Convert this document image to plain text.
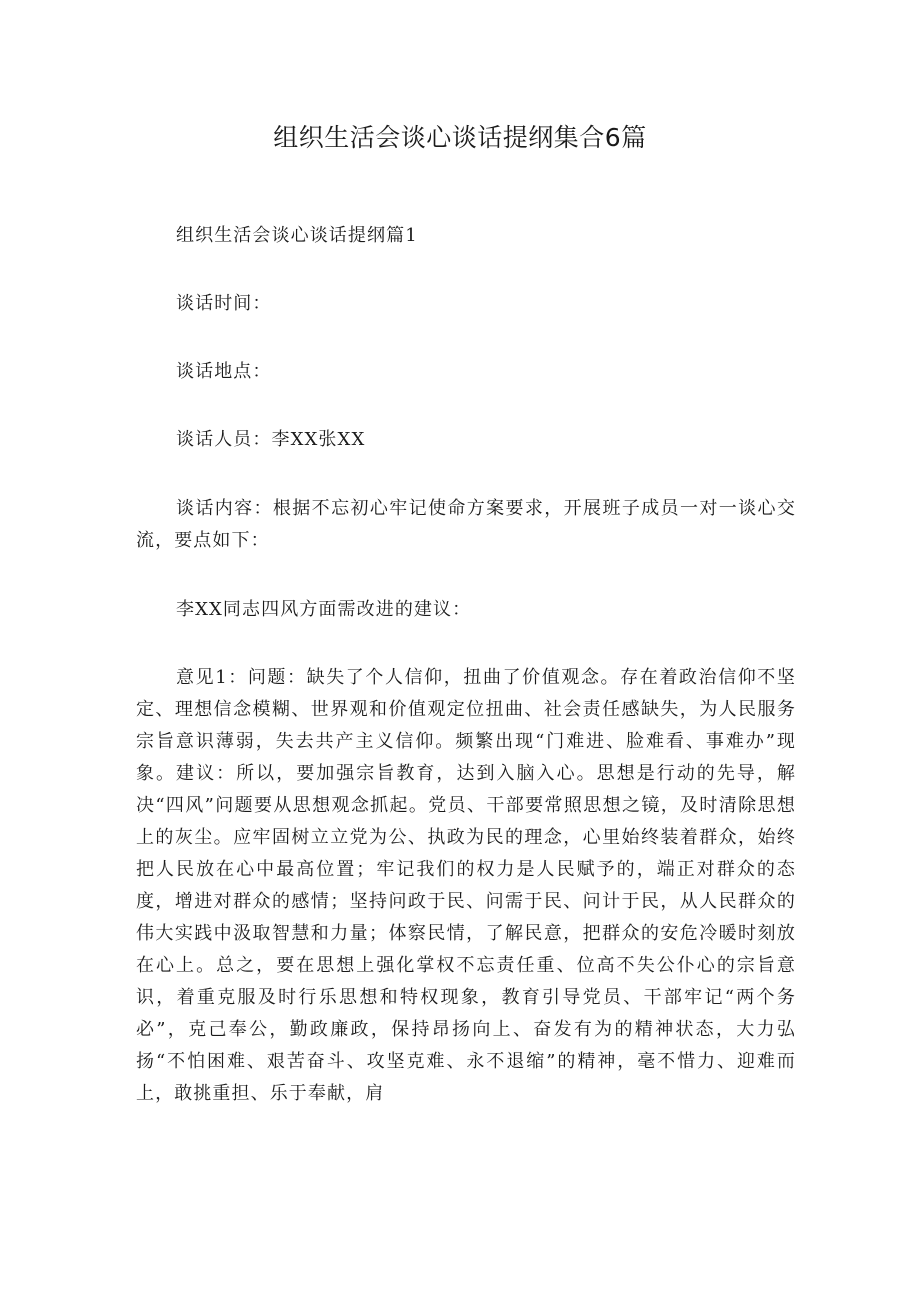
组织生活会谈心谈话提纲集合6篇

组织生活会谈心谈话提纲篇1

谈话时间：

谈话地点：

谈话人员：李XX张XX

谈话内容：根据不忘初心牢记使命方案要求，开展班子成员一对一谈心交流，要点如下：

李XX同志四风方面需改进的建议：

意见1：问题：缺失了个人信仰，扭曲了价值观念。存在着政治信仰不坚定、理想信念模糊、世界观和价值观定位扭曲、社会责任感缺失，为人民服务宗旨意识薄弱，失去共产主义信仰。频繁出现“门难进、脸难看、事难办”现象。建议：所以，要加强宗旨教育，达到入脑入心。思想是行动的先导，解决“四风”问题要从思想观念抓起。党员、干部要常照思想之镜，及时清除思想上的灰尘。应牢固树立立党为公、执政为民的理念，心里始终装着群众，始终把人民放在心中最高位置；牢记我们的权力是人民赋予的，端正对群众的态度，增进对群众的感情；坚持问政于民、问需于民、问计于民，从人民群众的伟大实践中汲取智慧和力量；体察民情，了解民意，把群众的安危冷暖时刻放在心上。总之，要在思想上强化掌权不忘责任重、位高不失公仆心的宗旨意识，着重克服及时行乐思想和特权现象，教育引导党员、干部牢记“两个务必”，克己奉公，勤政廉政，保持昂扬向上、奋发有为的精神状态，大力弘扬“不怕困难、艰苦奋斗、攻坚克难、永不退缩”的精神，毫不惜力、迎难而上，敢挑重担、乐于奉献，肩
